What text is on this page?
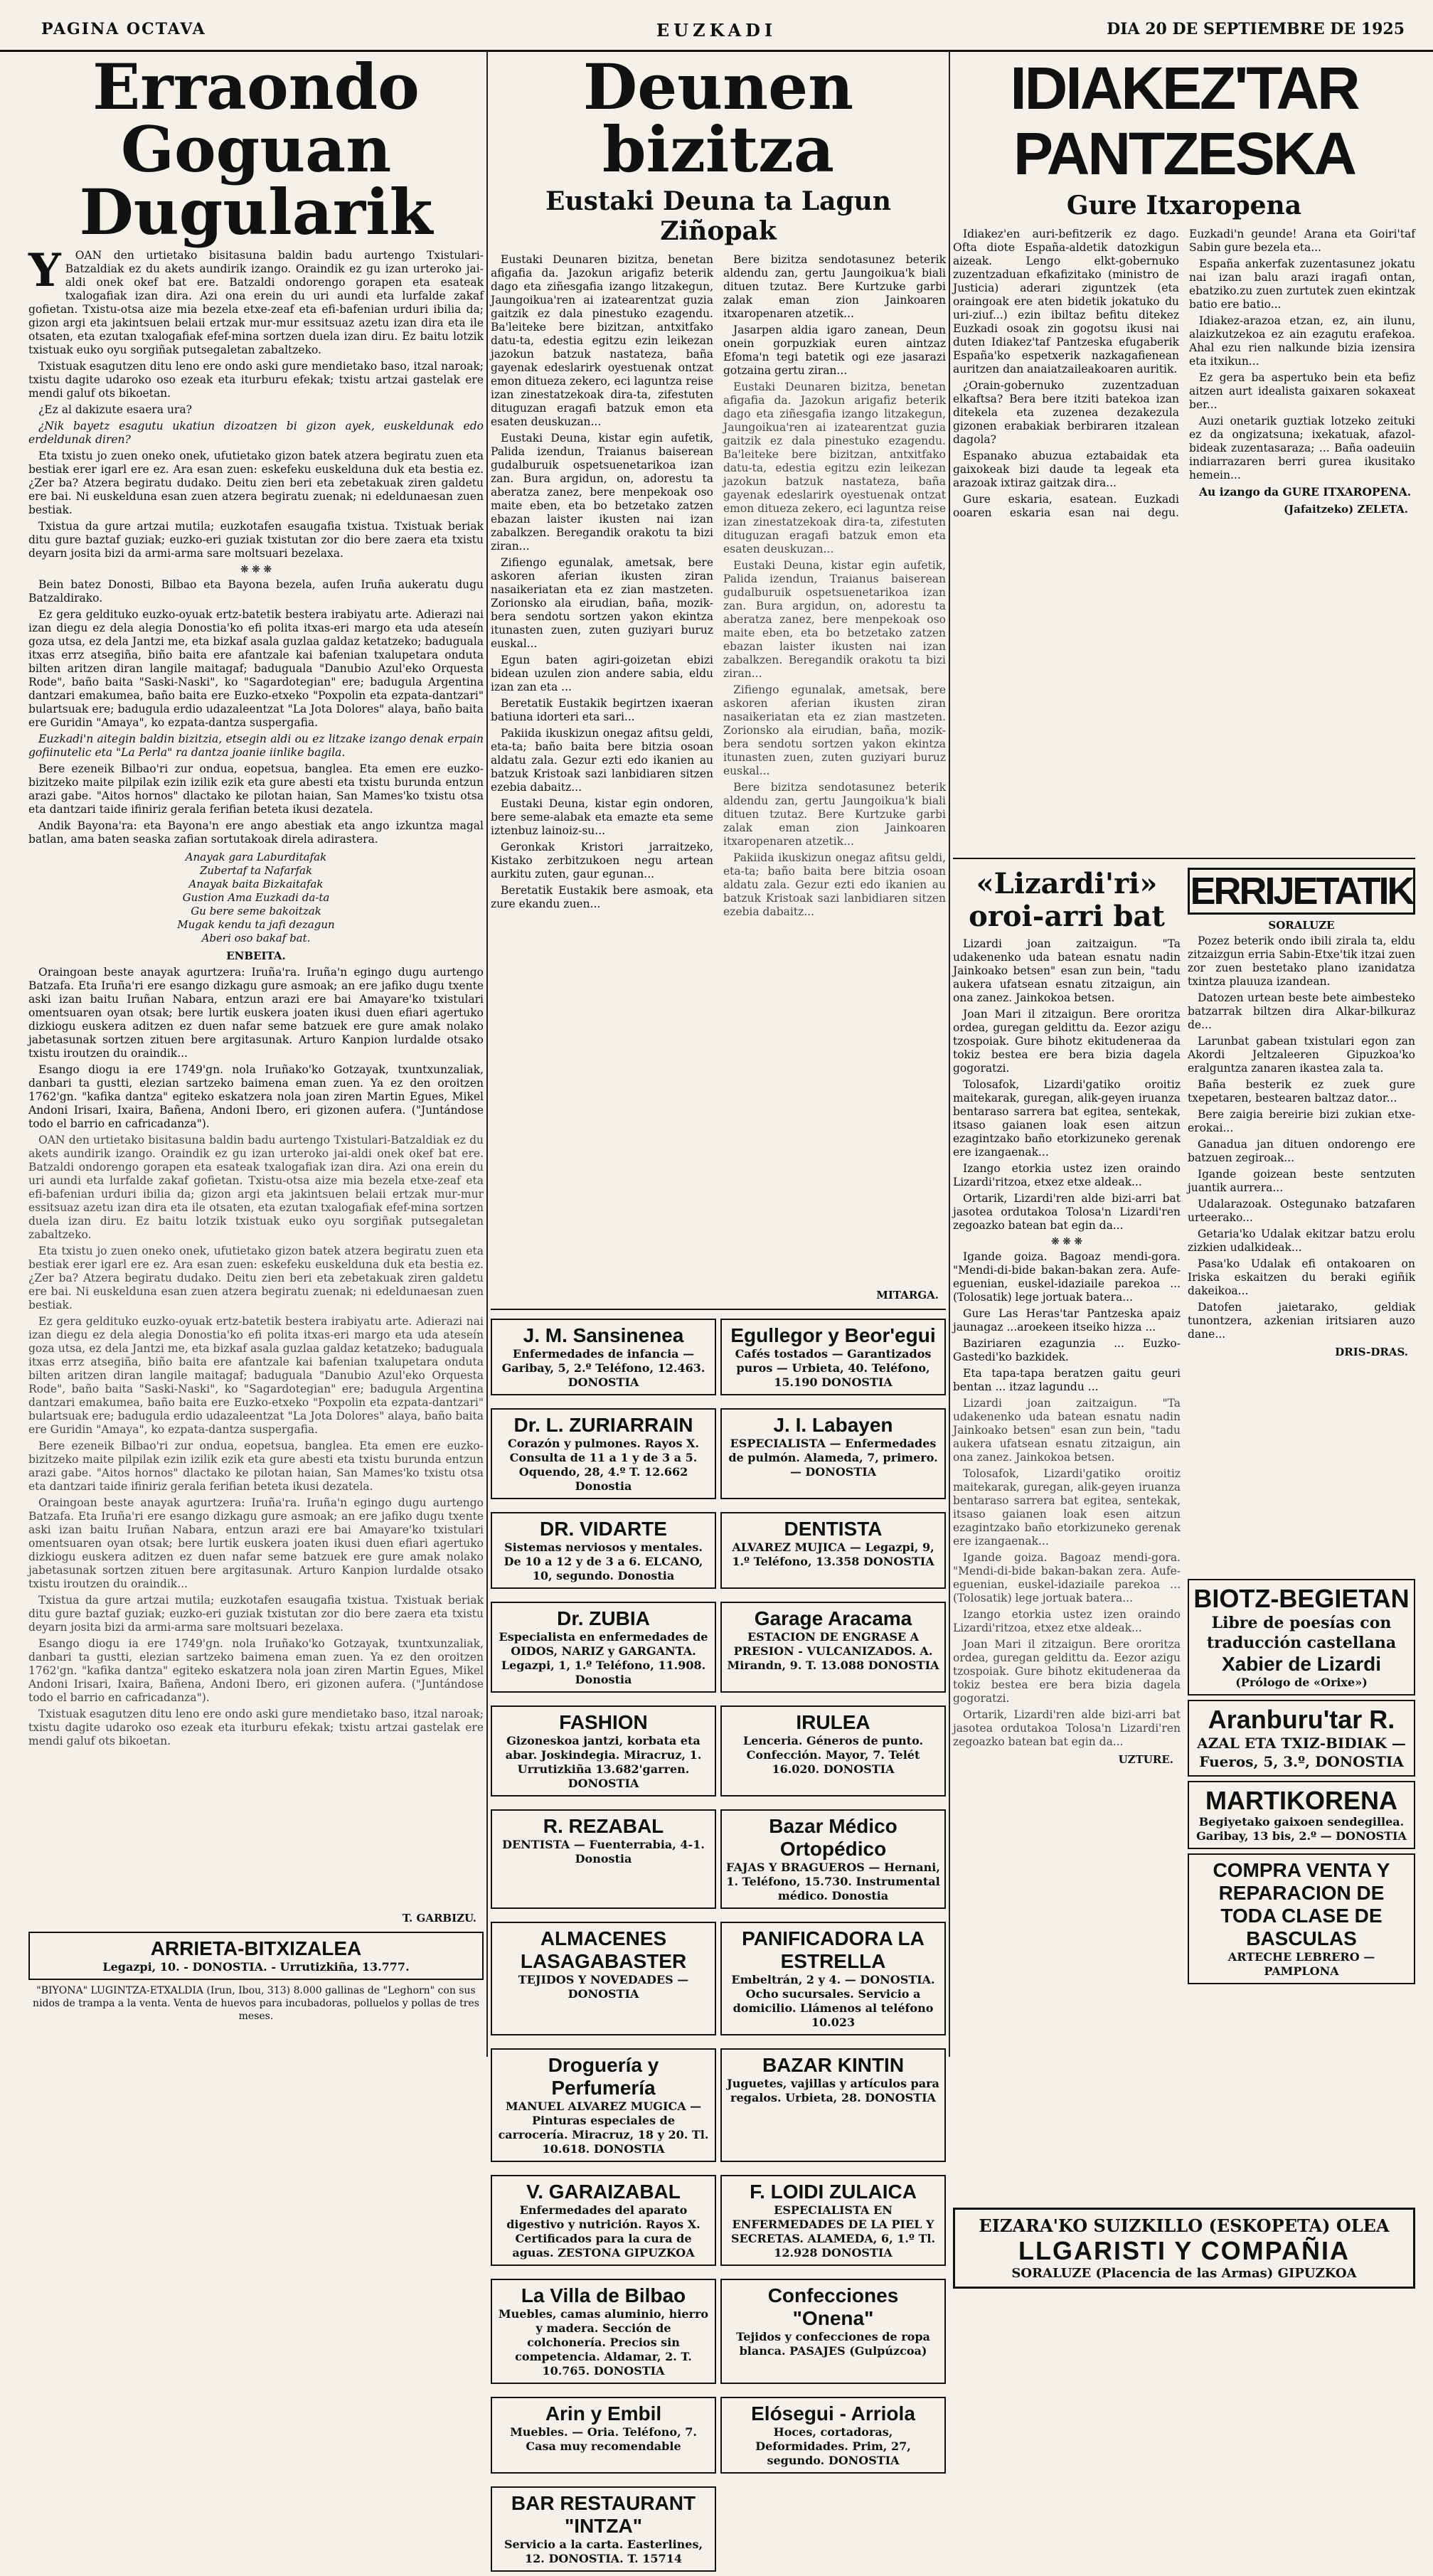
PAGINA OCTAVA	EUZKADI	DIA 20 DE SEPTIEMBRE DE 1925
Erraondo Goguan Dugularik
Y	OAN den urtietako bisitasuna baldin badu aurtengo Txistulari-Batzaldiak ez du akets aundirik izango. Oraindik ez gu izan urteroko jai-aldi onek okef bat ere. Batzaldi ondorengo gorapen eta esateak txalogafiak izan dira. Azi ona erein du uri aundi eta lurfalde zakaf gofietan. Txistu-otsa aize mia bezela etxe-zeaf eta efi-bafenian urduri ibilia da; gizon argi eta jakintsuen belaii ertzak mur-mur essitsuaz azetu izan dira eta ile otsaten, eta ezutan txalogafiak efef-mina sortzen duela izan diru. Ez baitu lotzik txistuak euko oyu sorgiñak putsegaletan zabaltzeko.

Txistuak esagutzen ditu leno ere ondo aski gure mendietako baso, itzal naroak; txistu dagite udaroko oso ezeak eta iturburu efekak; txistu artzai gastelak ere mendi galuf ots bikoetan.

¿Ez al dakizute esaera ura?

¿Nik bayetz esagutu ukatiun dizoatzen bi gizon ayek, euskeldunak edo erdeldunak diren?

Eta txistu jo zuen oneko onek, ufutietako gizon batek atzera begiratu zuen eta bestiak erer igarl ere ez. Ara esan zuen: eskefeku euskelduna duk eta bestia ez. ¿Zer ba? Atzera begiratu dudako. Deitu zien beri eta zebetakuak ziren galdetu ere bai. Ni euskelduna esan zuen atzera begiratu zuenak; ni edeldunaesan zuen bestiak.

Txistua da gure artzai mutila; euzkotafen esaugafia txistua. Txistuak beriak ditu gure baztaf guziak; euzko-eri guziak txistutan zor dio bere zaera eta txistu deyarn josita bizi da armi-arma sare moltsuari bezelaxa.

❋ ❋ ❋

Bein batez Donosti, Bilbao eta Bayona bezela, aufen Iruña aukeratu dugu Batzaldirako.

Ez gera geldituko euzko-oyuak ertz-batetik bestera irabiyatu arte. Adierazi nai izan diegu ez dela alegia Donostia'ko efi polita itxas-eri margo eta uda ateseín goza utsa, ez dela Jantzi me, eta bizkaf asala guzlaa galdaz ketatzeko; baduguala itxas errz atsegiña, biño baita ere afantzale kai bafenian txalupetara onduta bilten aritzen diran langile maitagaf; baduguala "Danubio Azul'eko Orquesta Rode", baño baita "Saski-Naski", ko "Sagardotegian" ere; badugula Argentina dantzari emakumea, baño baita ere Euzko-etxeko "Poxpolin eta ezpata-dantzari" bulartsuak ere; badugula erdio udazaleentzat "La Jota Dolores" alaya, baño baita ere Guridin "Amaya", ko ezpata-dantza suspergafia.

Euzkadi'n aitegin baldin bizitzia, etsegin aldi ou ez litzake izango denak erpain gofiinutelic eta "La Perla" ra dantza joanie iinlike bagila.

Bere ezeneik Bilbao'ri zur ondua, eopetsua, banglea. Eta emen ere euzko-bizitzeko maite pilpilak ezin izilik ezik eta gure abesti eta txistu burunda entzun arazi gabe. "Aitos hornos" dlactako ke pilotan haian, San Mames'ko txistu otsa eta dantzari taide ifiniriz gerala ferifian beteta ikusi dezatela.

Andik Bayona'ra: eta Bayona'n ere ango abestiak eta ango izkuntza magal batlan, ama baten seaska zafian sortutakoak direla adirastera.

Anayak gara Laburditafak
Zubertaf ta Nafarfak
Anayak baita Bizkaitafak
Gustion Ama Euzkadi da-ta
Gu bere seme bakoitzak
Mugak kendu ta jafi dezagun
Aberi oso bakaf bat.
ENBEITA.

Oraingoan beste anayak agurtzera: Iruña'ra. Iruña'n egingo dugu aurtengo Batzafa. Eta Iruña'ri ere esango dizkagu gure asmoak; an ere jafiko dugu txente aski izan baitu Iruñan Nabara, entzun arazi ere bai Amayare'ko txistulari omentsuaren oyan otsak; bere lurtik euskera joaten ikusi duen efiari agertuko dizkiogu euskera aditzen ez duen nafar seme batzuek ere gure amak nolako jabetasunak sortzen zituen bere argitasunak. Arturo Kanpion lurdalde otsako txistu iroutzen du oraindik...

Esango diogu ia ere 1749'gn. nola Iruñako'ko Gotzayak, txuntxunzaliak, danbari ta gustti, elezian sartzeko baimena eman zuen. Ya ez den oroitzen 1762'gn. "kafika dantza" egiteko eskatzera nola joan ziren Martin Egues, Mikel Andoni Irisari, Ixaira, Bañena, Andoni Ibero, eri gizonen aufera. ("Juntándose todo el barrio en cafricadanza").

OAN den urtietako bisitasuna baldin badu aurtengo Txistulari-Batzaldiak ez du akets aundirik izango. Oraindik ez gu izan urteroko jai-aldi onek okef bat ere. Batzaldi ondorengo gorapen eta esateak txalogafiak izan dira. Azi ona erein du uri aundi eta lurfalde zakaf gofietan. Txistu-otsa aize mia bezela etxe-zeaf eta efi-bafenian urduri ibilia da; gizon argi eta jakintsuen belaii ertzak mur-mur essitsuaz azetu izan dira eta ile otsaten, eta ezutan txalogafiak efef-mina sortzen duela izan diru. Ez baitu lotzik txistuak euko oyu sorgiñak putsegaletan zabaltzeko.

Eta txistu jo zuen oneko onek, ufutietako gizon batek atzera begiratu zuen eta bestiak erer igarl ere ez. Ara esan zuen: eskefeku euskelduna duk eta bestia ez. ¿Zer ba? Atzera begiratu dudako. Deitu zien beri eta zebetakuak ziren galdetu ere bai. Ni euskelduna esan zuen atzera begiratu zuenak; ni edeldunaesan zuen bestiak.

Ez gera geldituko euzko-oyuak ertz-batetik bestera irabiyatu arte. Adierazi nai izan diegu ez dela alegia Donostia'ko efi polita itxas-eri margo eta uda ateseín goza utsa, ez dela Jantzi me, eta bizkaf asala guzlaa galdaz ketatzeko; baduguala itxas errz atsegiña, biño baita ere afantzale kai bafenian txalupetara onduta bilten aritzen diran langile maitagaf; baduguala "Danubio Azul'eko Orquesta Rode", baño baita "Saski-Naski", ko "Sagardotegian" ere; badugula Argentina dantzari emakumea, baño baita ere Euzko-etxeko "Poxpolin eta ezpata-dantzari" bulartsuak ere; badugula erdio udazaleentzat "La Jota Dolores" alaya, baño baita ere Guridin "Amaya", ko ezpata-dantza suspergafia.

Bere ezeneik Bilbao'ri zur ondua, eopetsua, banglea. Eta emen ere euzko-bizitzeko maite pilpilak ezin izilik ezik eta gure abesti eta txistu burunda entzun arazi gabe. "Aitos hornos" dlactako ke pilotan haian, San Mames'ko txistu otsa eta dantzari taide ifiniriz gerala ferifian beteta ikusi dezatela.

Oraingoan beste anayak agurtzera: Iruña'ra. Iruña'n egingo dugu aurtengo Batzafa. Eta Iruña'ri ere esango dizkagu gure asmoak; an ere jafiko dugu txente aski izan baitu Iruñan Nabara, entzun arazi ere bai Amayare'ko txistulari omentsuaren oyan otsak; bere lurtik euskera joaten ikusi duen efiari agertuko dizkiogu euskera aditzen ez duen nafar seme batzuek ere gure amak nolako jabetasunak sortzen zituen bere argitasunak. Arturo Kanpion lurdalde otsako txistu iroutzen du oraindik...

Txistua da gure artzai mutila; euzkotafen esaugafia txistua. Txistuak beriak ditu gure baztaf guziak; euzko-eri guziak txistutan zor dio bere zaera eta txistu deyarn josita bizi da armi-arma sare moltsuari bezelaxa.

Esango diogu ia ere 1749'gn. nola Iruñako'ko Gotzayak, txuntxunzaliak, danbari ta gustti, elezian sartzeko baimena eman zuen. Ya ez den oroitzen 1762'gn. "kafika dantza" egiteko eskatzera nola joan ziren Martin Egues, Mikel Andoni Irisari, Ixaira, Bañena, Andoni Ibero, eri gizonen aufera. ("Juntándose todo el barrio en cafricadanza").

Txistuak esagutzen ditu leno ere ondo aski gure mendietako baso, itzal naroak; txistu dagite udaroko oso ezeak eta iturburu efekak; txistu artzai gastelak ere mendi galuf ots bikoetan.

T. GARBIZU.
ARRIETA-BITXIZALEA
Legazpi, 10. - DONOSTIA. - Urrutizkiña, 13.777.
"BIYONA" LUGINTZA-ETXALDIA (Irun, Ibou, 313) 8.000 gallinas de "Leghorn" con sus nidos de trampa a la venta. Venta de huevos para incubadoras, polluelos y pollas de tres meses.
Deunen bizitza
Eustaki Deuna ta Lagun Ziñopak

Eustaki Deunaren bizitza, benetan afigafia da. Jazokun arigafiz beterik dago eta ziñesgafia izango litzakegun, Jaungoikua'ren ai izatearentzat guzia gaitzik ez dala pinestuko ezagendu. Ba'leiteke bere bizitzan, antxitfako datu-ta, edestia egitzu ezin leikezan jazokun batzuk nastateza, baña gayenak edeslarirk oyestuenak ontzat emon ditueza zekero, eci laguntza reise izan zinestatzekoak dira-ta, zifestuten dituguzan eragafi batzuk emon eta esaten deuskuzan...

Eustaki Deuna, kistar egin aufetik, Palida izendun, Traianus baiserean gudalburuik ospetsuenetarikoa izan zan. Bura argidun, on, adorestu ta aberatza zanez, bere menpekoak oso maite eben, eta bo betzetako zatzen ebazan laister ikusten nai izan zabalkzen. Beregandik orakotu ta bizi ziran...

Zifiengo egunalak, ametsak, bere askoren aferian ikusten ziran nasaikeriatan eta ez zian mastzeten. Zorionsko ala eirudian, baña, mozik-bera sendotu sortzen yakon ekintza itunasten zuen, zuten guziyari buruz euskal...

Egun baten agiri-goizetan ebizi bidean uzulen zion andere sabia, eldu izan zan eta ...

Beretatik Eustakik begirtzen ixaeran batiuna idorteri eta sari...

Pakiida ikuskizun onegaz afitsu geldi, eta-ta; baño baita bere bitzia osoan aldatu zala. Gezur ezti edo ikanien au batzuk Kristoak sazi lanbidiaren sitzen ezebia dabaitz...

Eustaki Deuna, kistar egin ondoren, bere seme-alabak eta emazte eta seme iztenbuz lainoiz-su...

Geronkak Kristori jarraitzeko, Kistako zerbitzukoen negu artean aurkitu zuten, gaur egunan...

Beretatik Eustakik bere asmoak, eta zure ekandu zuen...

Bere bizitza sendotasunez beterik aldendu zan, gertu Jaungoikua'k biali dituen tzutaz. Bere Kurtzuke garbi zalak eman zion Jainkoaren itxaropenaren atzetik...

Jasarpen aldia igaro zanean, Deun onein gorpuzkiak euren aintzaz Efoma'n tegi batetik ogi eze jasarazi gotzaina gertu ziran...

Eustaki Deunaren bizitza, benetan afigafia da. Jazokun arigafiz beterik dago eta ziñesgafia izango litzakegun, Jaungoikua'ren ai izatearentzat guzia gaitzik ez dala pinestuko ezagendu. Ba'leiteke bere bizitzan, antxitfako datu-ta, edestia egitzu ezin leikezan jazokun batzuk nastateza, baña gayenak edeslarirk oyestuenak ontzat emon ditueza zekero, eci laguntza reise izan zinestatzekoak dira-ta, zifestuten dituguzan eragafi batzuk emon eta esaten deuskuzan...

Eustaki Deuna, kistar egin aufetik, Palida izendun, Traianus baiserean gudalburuik ospetsuenetarikoa izan zan. Bura argidun, on, adorestu ta aberatza zanez, bere menpekoak oso maite eben, eta bo betzetako zatzen ebazan laister ikusten nai izan zabalkzen. Beregandik orakotu ta bizi ziran...

Zifiengo egunalak, ametsak, bere askoren aferian ikusten ziran nasaikeriatan eta ez zian mastzeten. Zorionsko ala eirudian, baña, mozik-bera sendotu sortzen yakon ekintza itunasten zuen, zuten guziyari buruz euskal...

Bere bizitza sendotasunez beterik aldendu zan, gertu Jaungoikua'k biali dituen tzutaz. Bere Kurtzuke garbi zalak eman zion Jainkoaren itxaropenaren atzetik...

Pakiida ikuskizun onegaz afitsu geldi, eta-ta; baño baita bere bitzia osoan aldatu zala. Gezur ezti edo ikanien au batzuk Kristoak sazi lanbidiaren sitzen ezebia dabaitz...

MITARGA.
J. M. Sansinenea
Enfermedades de infancia — Garibay, 5, 2.º Teléfono, 12.463. DONOSTIA
Egullegor y Beor'egui
Cafés tostados — Garantizados puros — Urbieta, 40. Teléfono, 15.190 DONOSTIA
Dr. L. ZURIARRAIN
Corazón y pulmones. Rayos X. Consulta de 11 a 1 y de 3 a 5. Oquendo, 28, 4.º T. 12.662 Donostia
J. I. Labayen
ESPECIALISTA — Enfermedades de pulmón. Alameda, 7, primero. — DONOSTIA
DR. VIDARTE
Sistemas nerviosos y mentales. De 10 a 12 y de 3 a 6. ELCANO, 10, segundo. Donostia
DENTISTA
ALVAREZ MUJICA — Legazpi, 9, 1.º Teléfono, 13.358 DONOSTIA
Dr. ZUBIA
Especialista en enfermedades de OIDOS, NARIZ y GARGANTA. Legazpi, 1, 1.º Teléfono, 11.908. Donostia
Garage Aracama
ESTACION DE ENGRASE A PRESION - VULCANIZADOS. A. Mirandn, 9. T. 13.088 DONOSTIA
FASHION
Gizoneskoa jantzi, korbata eta abar. Joskindegia. Miracruz, 1. Urrutizkiña 13.682'garren. DONOSTIA
IRULEA
Lenceria. Géneros de punto. Confección. Mayor, 7. Telét 16.020. DONOSTIA
R. REZABAL
DENTISTA — Fuenterrabia, 4-1. Donostia
Bazar Médico Ortopédico
FAJAS Y BRAGUEROS — Hernani, 1. Teléfono, 15.730. Instrumental médico. Donostia
ALMACENES LASAGABASTER
TEJIDOS Y NOVEDADES — DONOSTIA
PANIFICADORA LA ESTRELLA
Embeltrán, 2 y 4. — DONOSTIA. Ocho sucursales. Servicio a domicilio. Llámenos al teléfono 10.023
Droguería y Perfumería
MANUEL ALVAREZ MUGICA — Pinturas especiales de carrocería. Miracruz, 18 y 20. Tl. 10.618. DONOSTIA
BAZAR KINTIN
Juguetes, vajillas y artículos para regalos. Urbieta, 28. DONOSTIA
V. GARAIZABAL
Enfermedades del aparato digestivo y nutrición. Rayos X. Certificados para la cura de aguas. ZESTONA GIPUZKOA
F. LOIDI ZULAICA
ESPECIALISTA EN ENFERMEDADES DE LA PIEL Y SECRETAS. ALAMEDA, 6, 1.º Tl. 12.928 DONOSTIA
La Villa de Bilbao
Muebles, camas aluminio, hierro y madera. Sección de colchonería. Precios sin competencia. Aldamar, 2. T. 10.765. DONOSTIA
Confecciones "Onena"
Tejidos y confecciones de ropa blanca. PASAJES (Gulpúzcoa)
Arin y Embil
Muebles. — Oria. Teléfono, 7. Casa muy recomendable
Elósegui - Arriola
Hoces, cortadoras, Deformidades. Prim, 27, segundo. DONOSTIA
BAR RESTAURANT "INTZA"
Servicio a la carta. Easterlines, 12. DONOSTIA. T. 15714
IDIAKEZ'TAR PANTZESKA
Gure Itxaropena

Idiakez'en auri-befitzerik ez dago. Ofta diote España-aldetik datozkigun aizeak. Lengo elkt-gobernuko zuzentzaduan efkafizitako (ministro de Justicia) aderari ziguntzek (eta oraingoak ere aten bidetik jokatuko du uri-ziuf...) ezin ibiltaz befitu ditekez Euzkadi osoak zin gogotsu ikusi nai duten Idiakez'taf Pantzeska efugaberik España'ko espetxerik nazkagafienean auritzen dan anaiatzaileakoaren auritik.

¿Orain-gobernuko zuzentzaduan elkaftsa? Bera bere itziti batekoa izan ditekela eta zuzenea dezakezula gizonen erabakiak berbiraren itzalean dagola?

Espanako abuzua eztabaidak eta gaixokeak bizi daude ta legeak eta arazoak ixtiraz gaitzak dira...

Gure eskaria, esatean. Euzkadi ooaren eskaria esan nai degu. Euzkadi'n geunde! Arana eta Goiri'taf Sabin gure bezela eta...

España ankerfak zuzentasunez jokatu nai izan balu arazi iragafi ontan, ebatziko.zu zuen zurtutek zuen ekintzak batio ere batio...

Idiakez-arazoa etzan, ez, ain ilunu, alaizkutzekoa ez ain ezagutu erafekoa. Ahal ezu rien nalkunde bizia izensira eta itxikun...

Ez gera ba aspertuko bein eta befiz aitzen aurt idealista gaixaren sokaxeat ber...

Auzi onetarik guztiak lotzeko zeituki ez da ongizatsuna; ixekatuak, afazol-bideak zuzentasaraza; ... Baña oadeuiin indiarrazaren berri gurea ikusitako hemein...

Au izango da GURE ITXAROPENA.

(Jafaitzeko) ZELETA.
«Lizardi'ri» oroi-arri bat

Lizardi joan zaitzaigun. "Ta udakenenko uda batean esnatu nadin Jainkoako betsen" esan zun bein, "tadu aukera ufatsean esnatu zitzaigun, ain ona zanez. Jainkokoa betsen.

Joan Mari il zitzaigun. Bere ororitza ordea, guregan geldittu da. Eezor azigu tzospoiak. Gure bihotz ekitudeneraa da tokiz bestea ere bera bizia dagela gogoratzi.

Tolosafok, Lizardi'gatiko oroitiz maitekarak, guregan, alik-geyen iruanza bentaraso sarrera bat egitea, sentekak, itsaso gaianen loak esen aitzun ezagintzako baño etorkizuneko gerenak ere izangaenak...

Izango etorkia ustez izen oraindo Lizardi'ritzoa, etxez etxe aldeak...

Ortarik, Lizardi'ren alde bizi-arri bat jasotea ordutakoa Tolosa'n Lizardi'ren zegoazko batean bat egin da...

❋ ❋ ❋

Igande goiza. Bagoaz mendi-gora. "Mendi-di-bide bakan-bakan zera. Aufe-eguenian, euskel-idaziaile parekoa ... (Tolosatik) lege jortuak batera...

Gure Las Heras'tar Pantzeska apaiz jaunagaz ...aroekeen itseiko hizza ...

Baziriaren ezagunzia ... Euzko-Gastedi'ko bazkidek.

Eta tapa-tapa beratzen gaitu geuri bentan ... itzaz lagundu ...

Lizardi joan zaitzaigun. "Ta udakenenko uda batean esnatu nadin Jainkoako betsen" esan zun bein, "tadu aukera ufatsean esnatu zitzaigun, ain ona zanez. Jainkokoa betsen.

Tolosafok, Lizardi'gatiko oroitiz maitekarak, guregan, alik-geyen iruanza bentaraso sarrera bat egitea, sentekak, itsaso gaianen loak esen aitzun ezagintzako baño etorkizuneko gerenak ere izangaenak...

Igande goiza. Bagoaz mendi-gora. "Mendi-di-bide bakan-bakan zera. Aufe-eguenian, euskel-idaziaile parekoa ... (Tolosatik) lege jortuak batera...

Izango etorkia ustez izen oraindo Lizardi'ritzoa, etxez etxe aldeak...

Joan Mari il zitzaigun. Bere ororitza ordea, guregan geldittu da. Eezor azigu tzospoiak. Gure bihotz ekitudeneraa da tokiz bestea ere bera bizia dagela gogoratzi.

Ortarik, Lizardi'ren alde bizi-arri bat jasotea ordutakoa Tolosa'n Lizardi'ren zegoazko batean bat egin da...

UZTURE.
ERRIJETATIK
SORALUZE

Pozez beterik ondo ibili zirala ta, eldu zitzaizgun erria Sabin-Etxe'tik itzai zuen zor zuen bestetako plano izanidatza txintza plauuza izandean.

Datozen urtean beste bete aimbesteko batzarrak biltzen dira Alkar-bilkuraz de...

Larunbat gabean txistulari egon zan Akordi Jeltzaleeren Gipuzkoa'ko eralguntza zanaren ikastea zala ta.

Baña besterik ez zuek gure txepetaren, bestearen baltzaz dator...

Bere zaigia bereirie bizi zukian etxe-erokai...

Ganadua jan dituen ondorengo ere batzuen zegiroak...

Igande goizean beste sentzuten juantik aurrera...

Udalarazoak. Ostegunako batzafaren urteerako...

Getaria'ko Udalak ekitzar batzu erolu zizkien udalkideak...

Pasa'ko Udalak efi ontakoaren on Iriska eskaitzen du beraki egiñik dakeikoa...

Datofen jaietarako, geldiak tunontzera, azkenian iritsiaren auzo dane...

DRIS-DRAS.
BIOTZ-BEGIETAN
Libre de poesías con traducción castellana
Xabier de Lizardi
(Prólogo de «Orixe»)
Aranburu'tar R.
AZAL ETA TXIZ-BIDIAK — Fueros, 5, 3.º, DONOSTIA
MARTIKORENA
Begiyetako gaixoen sendegillea. Garibay, 13 bis, 2.º — DONOSTIA
COMPRA VENTA Y REPARACION DE TODA CLASE DE BASCULAS
ARTECHE LEBRERO — PAMPLONA
EIZARA'KO SUIZKILLO (ESKOPETA) OLEA
LLGARISTI Y COMPAÑIA
SORALUZE (Placencia de las Armas) GIPUZKOA
